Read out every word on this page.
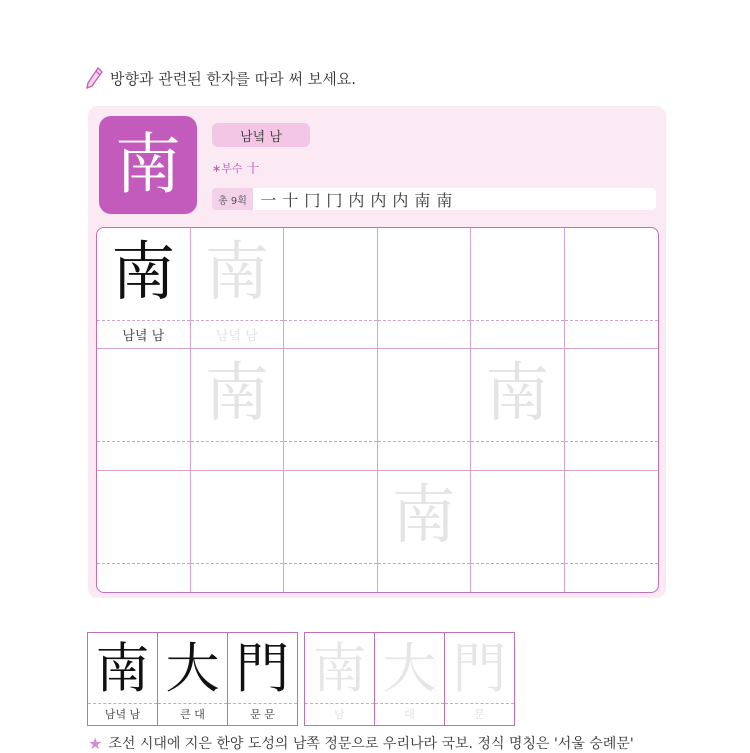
방향과 관련된 한자를 따라 써 보세요.
南	남녘 남
∗부수 十
총 9획 一 十 冂 冂 内 内 内 南 南
南
남녘 남
南
남녘 남
南	南
南
南
남녘 남
大
큰 대
門
문 문
南
남
大
대
門
문
★ 조선 시대에 지은 한양 도성의 남쪽 정문으로 우리나라 국보. 정식 명칭은 '서울 숭례문'
